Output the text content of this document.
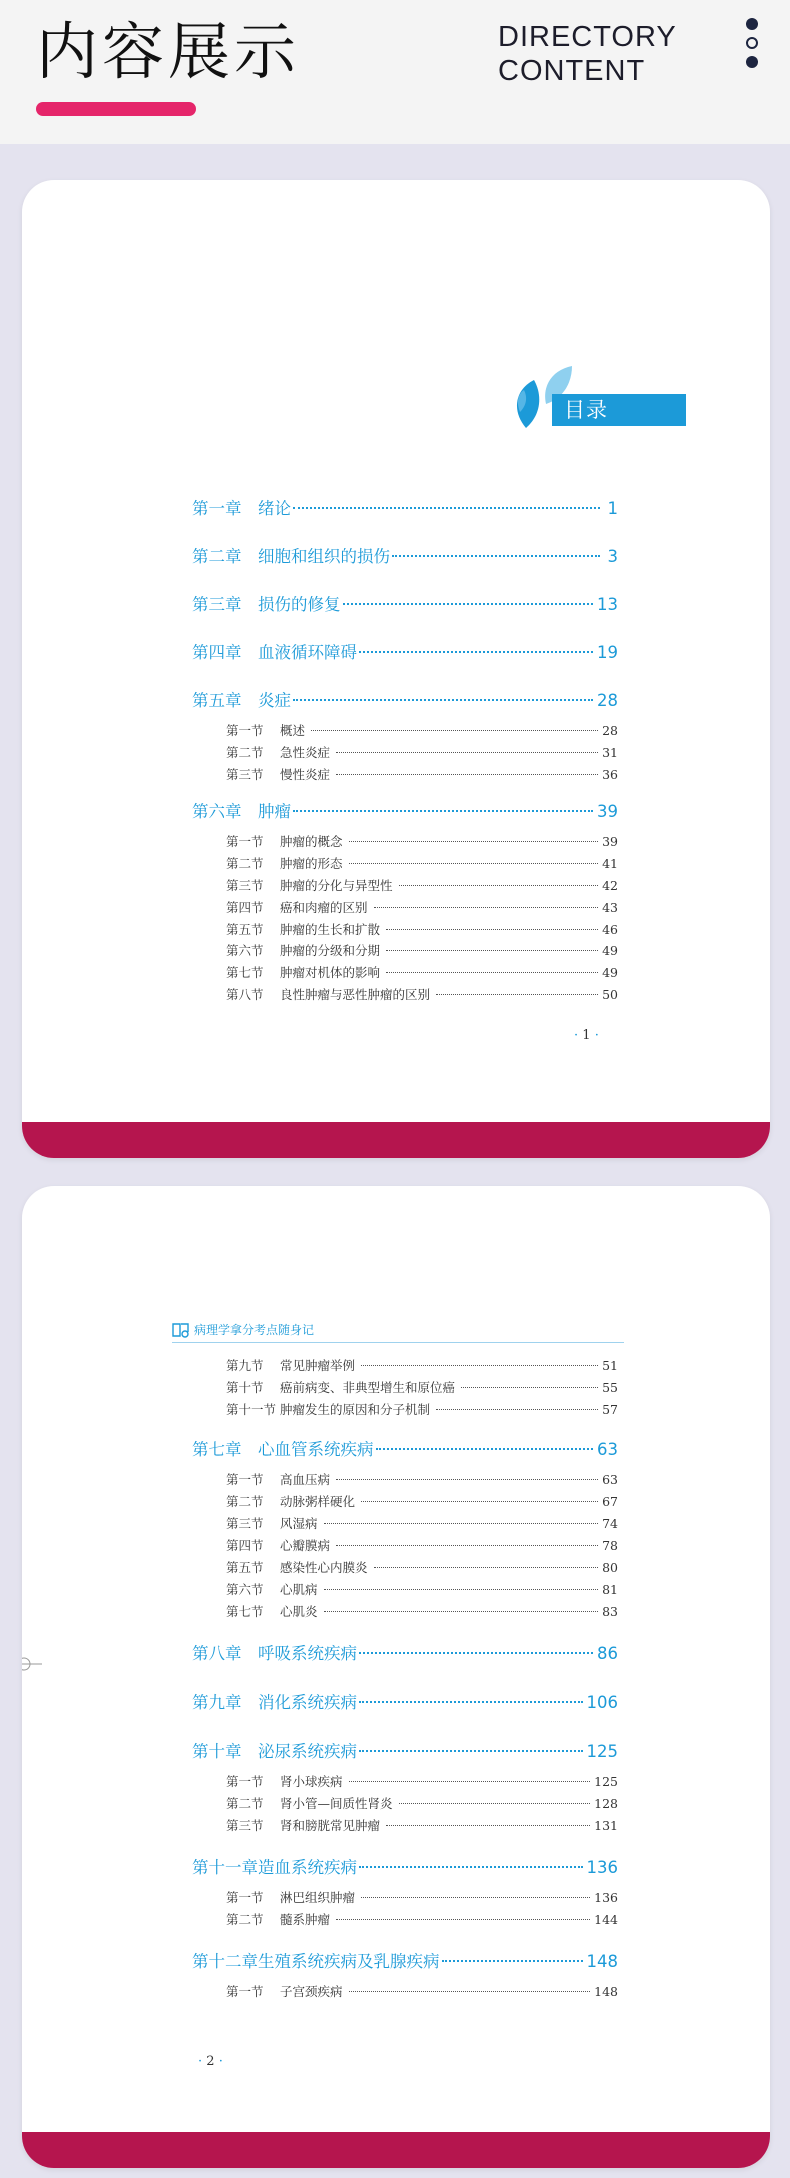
内容展示	DIRECTORY
CONTENT
目录
第一章	绪论	1
第二章	细胞和组织的损伤	3
第三章	损伤的修复	13
第四章	血液循环障碍	19
第五章	炎症	28
第一节	概述	28
第二节	急性炎症	31
第三节	慢性炎症	36
第六章	肿瘤	39
第一节	肿瘤的概念	39
第二节	肿瘤的形态	41
第三节	肿瘤的分化与异型性	42
第四节	癌和肉瘤的区别	43
第五节	肿瘤的生长和扩散	46
第六节	肿瘤的分级和分期	49
第七节	肿瘤对机体的影响	49
第八节	良性肿瘤与恶性肿瘤的区别	50
· 1 ·
病理学拿分考点随身记
第九节	常见肿瘤举例	51
第十节	癌前病变、非典型增生和原位癌	55
第十一节 肿瘤发生的原因和分子机制	57
第七章	心血管系统疾病	63
第一节	高血压病	63
第二节	动脉粥样硬化	67
第三节	风湿病	74
第四节	心瓣膜病	78
第五节	感染性心内膜炎	80
第六节	心肌病	81
第七节	心肌炎	83
第八章	呼吸系统疾病	86
第九章	消化系统疾病	106
第十章	泌尿系统疾病	125
第一节	肾小球疾病	125
第二节	肾小管—间质性肾炎	128
第三节	肾和膀胱常见肿瘤	131
第十一章 造血系统疾病	136
第一节	淋巴组织肿瘤	136
第二节	髓系肿瘤	144
第十二章 生殖系统疾病及乳腺疾病	148
第一节	子宫颈疾病	148
· 2 ·
